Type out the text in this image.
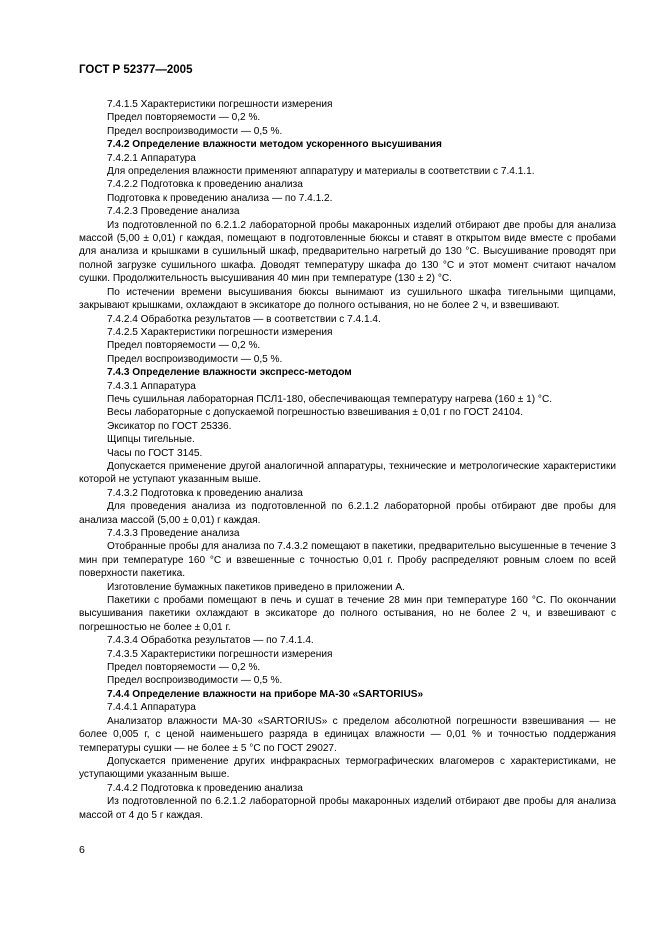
ГОСТ Р 52377—2005

7.4.1.5 Характеристики погрешности измерения

Предел повторяемости — 0,2 %.

Предел воспроизводимости — 0,5 %.

7.4.2 Определение влажности методом ускоренного высушивания

7.4.2.1 Аппаратура

Для определения влажности применяют аппаратуру и материалы в соответствии с 7.4.1.1.

7.4.2.2 Подготовка к проведению анализа

Подготовка к проведению анализа — по 7.4.1.2.

7.4.2.3 Проведение анализа

Из подготовленной по 6.2.1.2 лабораторной пробы макаронных изделий отбирают две пробы для анализа массой (5,00 ± 0,01) г каждая, помещают в подготовленные бюксы и ставят в открытом виде вместе с пробами для анализа и крышками в сушильный шкаф, предварительно нагретый до 130 °С. Высушивание проводят при полной загрузке сушильного шкафа. Доводят температуру шкафа до 130 °С и этот момент считают началом сушки. Продолжительность высушивания 40 мин при температуре (130 ± 2) °С.

По истечении времени высушивания бюксы вынимают из сушильного шкафа тигельными щипцами, закрывают крышками, охлаждают в эксикаторе до полного остывания, но не более 2 ч, и взвешивают.

7.4.2.4 Обработка результатов — в соответствии с 7.4.1.4.

7.4.2.5 Характеристики погрешности измерения

Предел повторяемости — 0,2 %.

Предел воспроизводимости — 0,5 %.

7.4.3 Определение влажности экспресс-методом

7.4.3.1 Аппаратура

Печь сушильная лабораторная ПСЛ1-180, обеспечивающая температуру нагрева (160 ± 1) °С.

Весы лабораторные с допускаемой погрешностью взвешивания ± 0,01 г по ГОСТ 24104.

Эксикатор по ГОСТ 25336.

Щипцы тигельные.

Часы по ГОСТ 3145.

Допускается применение другой аналогичной аппаратуры, технические и метрологические характеристики которой не уступают указанным выше.

7.4.3.2 Подготовка к проведению анализа

Для проведения анализа из подготовленной по 6.2.1.2 лабораторной пробы отбирают две пробы для анализа массой (5,00 ± 0,01) г каждая.

7.4.3.3 Проведение анализа

Отобранные пробы для анализа по 7.4.3.2 помещают в пакетики, предварительно высушенные в течение 3 мин при температуре 160 °С и взвешенные с точностью 0,01 г. Пробу распределяют ровным слоем по всей поверхности пакетика.

Изготовление бумажных пакетиков приведено в приложении А.

Пакетики с пробами помещают в печь и сушат в течение 28 мин при температуре 160 °С. По окончании высушивания пакетики охлаждают в эксикаторе до полного остывания, но не более 2 ч, и взвешивают с погрешностью не более ± 0,01 г.

7.4.3.4 Обработка результатов — по 7.4.1.4.

7.4.3.5 Характеристики погрешности измерения

Предел повторяемости — 0,2 %.

Предел воспроизводимости — 0,5 %.

7.4.4 Определение влажности на приборе МА-30 «SARTORIUS»

7.4.4.1 Аппаратура

Анализатор влажности МА-30 «SARTORIUS» с пределом абсолютной погрешности взвешивания — не более 0,005 г, с ценой наименьшего разряда в единицах влажности — 0,01 % и точностью поддержания температуры сушки — не более ± 5 °С по ГОСТ 29027.

Допускается применение других инфракрасных термографических влагомеров с характеристиками, не уступающими указанным выше.

7.4.4.2 Подготовка к проведению анализа

Из подготовленной по 6.2.1.2 лабораторной пробы макаронных изделий отбирают две пробы для анализа массой от 4 до 5 г каждая.

6
